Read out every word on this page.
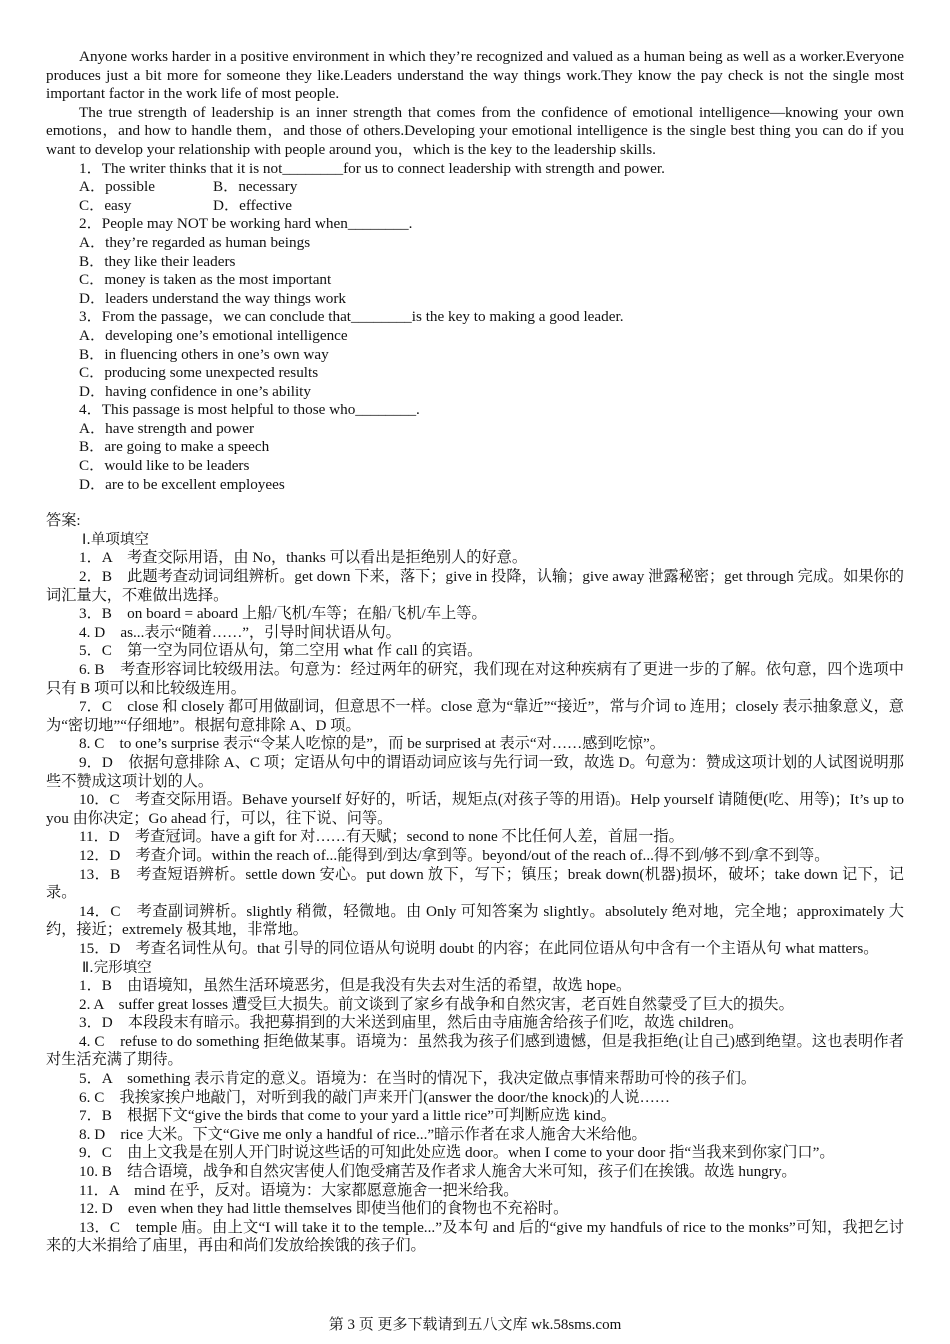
Anyone works harder in a positive environment in which they’re recognized and valued as a human being as well as a worker.Everyone produces just a bit more for someone they like.Leaders understand the way things work.They know the pay check is not the single most important factor in the work life of most people.

The true strength of leadership is an inner strength that comes from the confidence of emotional intelligence—knowing your own emotions，and how to handle them，and those of others.Developing your emotional intelligence is the single best thing you can do if you want to develop your relationship with people around you，which is the key to the leadership skills.

1．The writer thinks that it is not________for us to connect leadership with strength and power.

A．possible	B．necessary
C．easy	D．effective

2．People may NOT be working hard when________.

A．they’re regarded as human beings

B．they like their leaders

C．money is taken as the most important

D．leaders understand the way things work

3．From the passage，we can conclude that________is the key to making a good leader.

A．developing one’s emotional intelligence

B．in fluencing others in one’s own way

C．producing some unexpected results

D．having confidence in one’s ability

4．This passage is most helpful to those who________.

A．have strength and power

B．are going to make a speech

C．would like to be leaders

D．are to be excellent employees

答案:

Ⅰ.单项填空

1．A　考查交际用语，由 No，thanks 可以看出是拒绝别人的好意。

2．B　此题考查动词词组辨析。get down 下来，落下；give in 投降，认输；give away 泄露秘密；get through 完成。如果你的词汇量大，不难做出选择。

3．B　on board = aboard 上船/飞机/车等；在船/飞机/车上等。

4. D　as...表示“随着……”，引导时间状语从句。

5．C　第一空为同位语从句，第二空用 what 作 call 的宾语。

6. B　考查形容词比较级用法。句意为：经过两年的研究，我们现在对这种疾病有了更进一步的了解。依句意，四个选项中只有 B 项可以和比较级连用。

7．C　close 和 closely 都可用做副词，但意思不一样。close 意为“靠近”“接近”，常与介词 to 连用；closely 表示抽象意义，意为“密切地”“仔细地”。根据句意排除 A、D 项。

8. C　to one’s surprise 表示“令某人吃惊的是”，而 be surprised at 表示“对……感到吃惊”。

9．D　依据句意排除 A、C 项；定语从句中的谓语动词应该与先行词一致，故选 D。句意为：赞成这项计划的人试图说明那些不赞成这项计划的人。

10．C　考查交际用语。Behave yourself 好好的，听话，规矩点(对孩子等的用语)。Help yourself 请随便(吃、用等)；It’s up to you 由你决定；Go ahead 行，可以，往下说、问等。

11．D　考查冠词。have a gift for 对……有天赋；second to none 不比任何人差，首屈一指。

12．D　考查介词。within the reach of...能得到/到达/拿到等。beyond/out of the reach of...得不到/够不到/拿不到等。

13．B　考查短语辨析。settle down 安心。put down 放下，写下；镇压；break down(机器)损坏，破坏；take down 记下，记录。

14．C　考查副词辨析。slightly 稍微，轻微地。由 Only 可知答案为 slightly。absolutely 绝对地，完全地；approximately 大约，接近；extremely 极其地，非常地。

15．D　考查名词性从句。that 引导的同位语从句说明 doubt 的内容；在此同位语从句中含有一个主语从句 what matters。

Ⅱ.完形填空

1．B　由语境知，虽然生活环境恶劣，但是我没有失去对生活的希望，故选 hope。

2. A　suffer great losses 遭受巨大损失。前文谈到了家乡有战争和自然灾害，老百姓自然蒙受了巨大的损失。

3．D　本段段末有暗示。我把募捐到的大米送到庙里，然后由寺庙施舍给孩子们吃，故选 children。

4. C　refuse to do something 拒绝做某事。语境为：虽然我为孩子们感到遗憾，但是我拒绝(让自己)感到绝望。这也表明作者对生活充满了期待。

5．A　something 表示肯定的意义。语境为：在当时的情况下，我决定做点事情来帮助可怜的孩子们。

6. C　我挨家挨户地敲门，对听到我的敲门声来开门(answer the door/the knock)的人说……

7．B　根据下文“give the birds that come to your yard a little rice”可判断应选 kind。

8. D　rice 大米。下文“Give me only a handful of rice...”暗示作者在求人施舍大米给他。

9．C　由上文我是在别人开门时说这些话的可知此处应选 door。when I come to your door 指“当我来到你家门口”。

10. B　结合语境，战争和自然灾害使人们饱受痛苦及作者求人施舍大米可知，孩子们在挨饿。故选 hungry。

11．A　mind 在乎，反对。语境为：大家都愿意施舍一把米给我。

12. D　even when they had little themselves 即使当他们的食物也不充裕时。

13．C　temple 庙。由上文“I will take it to the temple...”及本句 and 后的“give my handfuls of rice to the monks”可知，我把乞讨来的大米捐给了庙里，再由和尚们发放给挨饿的孩子们。

第 3 页 更多下载请到五八文库 wk.58sms.com
